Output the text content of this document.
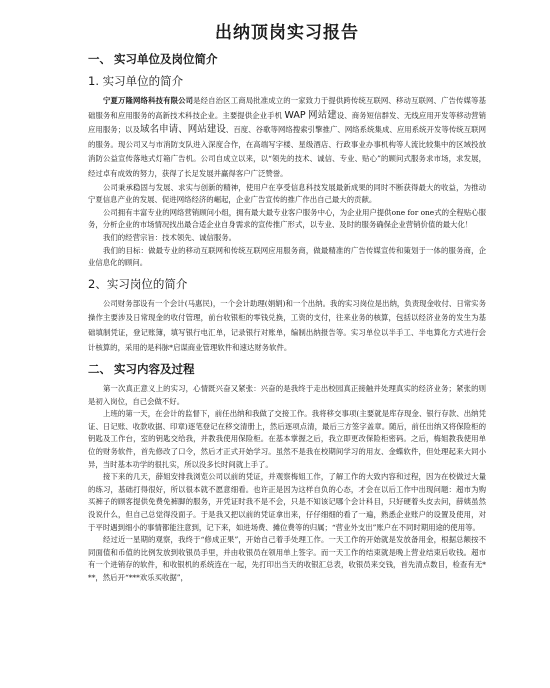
出纳顶岗实习报告
一、 实习单位及岗位简介
1. 实习单位的简介

宁夏万隆网络科技有限公司是经自治区工商局批准成立的一家致力于提供跨传统互联网、移动互联网、广告传媒等基础服务和应用服务的高新技术科技企业。主要提供企业手机 WAP 网站建设、商务短信群发、无线应用开发等移动营销应用服务；以及域名申请、网站建设、百度、谷歌等网络搜索引擎推广、网络系统集成、应用系统开发等传统互联网的服务。现公司又与市消防支队进入深度合作，在高端写字楼、星级酒店、行政事业办事机构等人流比较集中的区域投放消防公益宣传落地式灯箱广告机。公司自成立以来，以“领先的技术、诚信、专业、贴心”的顾问式服务求市场，求发展，经过卓有成效的努力，获得了长足发展并赢得客户广泛赞誉。

公司秉承稳固与发展、求实与创新的精神，使用户在享受信息科技发展最新成果的同时不断获得最大的收益，为推动宁夏信息产业的发展、促进网络经济的崛起，企业广告宣传的推广作出自己最大的贡献。

公司拥有丰富专业的网络营销顾问小组，拥有最大最专业客户服务中心，为企业用户提供one for one式的全程贴心服务，分析企业的市场情况找出最合适企业自身需求的宣传推广形式，以专业、及时的服务确保企业营销价值的最大化！

我们的经营宗旨：技术领先、诚信服务。

我们的目标：做最专业的移动互联网和传统互联网应用服务商，做最精准的广告传媒宣传和策划于一体的服务商，企业信息化的顾问。

2、实习岗位的简介

公司财务部设有一个会计(马惠民)，一个会计助理(娟娟)和一个出纳。我的实习岗位是出纳，负责现金收付、日常实务操作主要涉及日常现金的收付管理，前台收银柜的零钱兑换，工资的支付，往来业务的核算，包括以经济业务的发生为基础填制凭证，登记账簿，填写银行电汇单，记录银行对账单，编制出纳报告等。实习单位以半手工、半电算化方式进行会计核算的，采用的是科脉*启谋商业管理软件和速达财务软件。

二、 实习内容及过程

第一次真正意义上的实习，心情既兴奋又紧张：兴奋的是我终于走出校园真正接触并处理真实的经济业务；紧张的则是初入岗位，自己会做不好。

上班的第一天，在会计的监督下，前任出纳和我做了交接工作。我将移交事项(主要就是库存现金、银行存款、出纳凭证、日记账、收款收据、印章)逐笔登记在移交清册上，然后逐项点清，最后三方签字盖章。随后，前任出纳又将保险柜的钥匙及工作台，室的钥匙交给我，并教我使用保险柜。在基本掌握之后，我立即更改保险柜密码。之后，梅姐教我使用单位的财务软件，首先修改了口令，然后才正式开始学习。虽然不是我在校期间学习的用友、金蝶软件，但处理起来大同小异，当时基本功学的很扎实，所以没多长时间就上手了。

接下来的几天，薛姐安排我浏览公司以前的凭证，并观察梅姐工作，了解工作的大致内容和过程，因为在校做过大量的练习，基础打得很好，所以很本就不愿意细看。也许正是因为这样自负的心态，才会在以后工作中出现问题：超市为购买裤子的顾客提供免费免裤脚的服务，开凭证时我不是不会，只是不知该记哪个会计科目，只好硬着头皮去问，薛姨虽然没说什么，但自己总觉得没面子。于是我又把以前的凭证拿出来，仔仔细细的看了一遍，熟悉企业账户的设置及使用，对于平时遇到细小的事情都能注意到，记下来，如进场费、摊位费等的归属；“营业外支出”账户在不同时期用途的使用等。

经过近一星期的观察，我终于“修成正果”，开始自己着手处理工作。一天工作的开始就是发放备用金，根据总额按不同面值和币值的比例发放到收银员手里，并由收银员在领用单上签字。而一天工作的结束就是晚上营业结束后收钱。超市有一个进销存的软件，和收银机的系统连在一起，先打印出当天的收银汇总表，收银员来交钱，首先清点数目，检查有无***，然后开“***欢乐买收据”，
